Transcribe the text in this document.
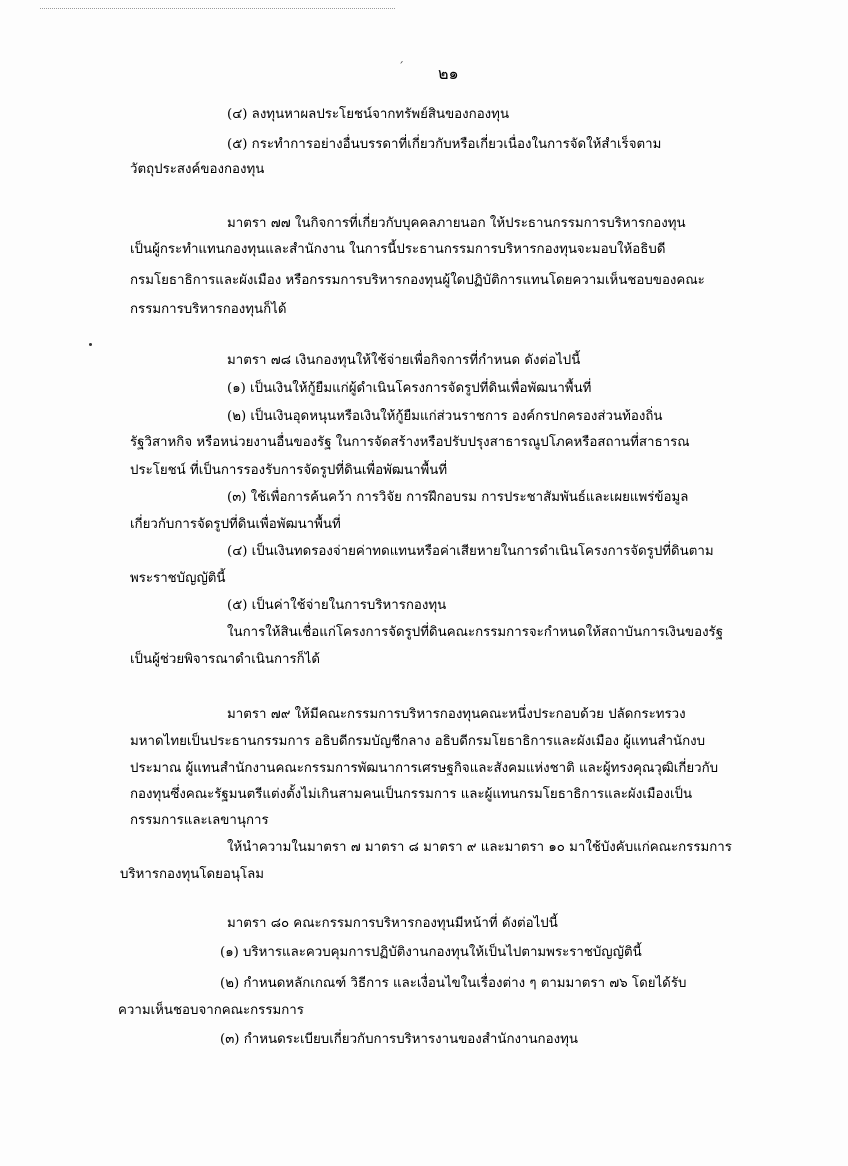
´ ๒๑
(๔) ลงทุนหาผลประโยชน์จากทรัพย์สินของกองทุน
(๕) กระทำการอย่างอื่นบรรดาที่เกี่ยวกับหรือเกี่ยวเนื่องในการจัดให้สำเร็จตาม
วัตถุประสงค์ของกองทุน
มาตรา ๗๗ ในกิจการที่เกี่ยวกับบุคคลภายนอก ให้ประธานกรรมการบริหารกองทุน
เป็นผู้กระทำแทนกองทุนและสำนักงาน ในการนี้ประธานกรรมการบริหารกองทุนจะมอบให้อธิบดี
กรมโยธาธิการและผังเมือง หรือกรรมการบริหารกองทุนผู้ใดปฏิบัติการแทนโดยความเห็นชอบของคณะ
กรรมการบริหารกองทุนก็ได้
มาตรา ๗๘ เงินกองทุนให้ใช้จ่ายเพื่อกิจการที่กำหนด ดังต่อไปนี้
(๑) เป็นเงินให้กู้ยืมแก่ผู้ดำเนินโครงการจัดรูปที่ดินเพื่อพัฒนาพื้นที่
(๒) เป็นเงินอุดหนุนหรือเงินให้กู้ยืมแก่ส่วนราชการ องค์กรปกครองส่วนท้องถิ่น
รัฐวิสาหกิจ หรือหน่วยงานอื่นของรัฐ ในการจัดสร้างหรือปรับปรุงสาธารณูปโภคหรือสถานที่สาธารณ
ประโยชน์ ที่เป็นการรองรับการจัดรูปที่ดินเพื่อพัฒนาพื้นที่
(๓) ใช้เพื่อการค้นคว้า การวิจัย การฝึกอบรม การประชาสัมพันธ์และเผยแพร่ข้อมูล
เกี่ยวกับการจัดรูปที่ดินเพื่อพัฒนาพื้นที่
(๔) เป็นเงินทดรองจ่ายค่าทดแทนหรือค่าเสียหายในการดำเนินโครงการจัดรูปที่ดินตาม
พระราชบัญญัตินี้
(๕) เป็นค่าใช้จ่ายในการบริหารกองทุน
ในการให้สินเชื่อแก่โครงการจัดรูปที่ดินคณะกรรมการจะกำหนดให้สถาบันการเงินของรัฐ
เป็นผู้ช่วยพิจารณาดำเนินการก็ได้
มาตรา ๗๙ ให้มีคณะกรรมการบริหารกองทุนคณะหนึ่งประกอบด้วย ปลัดกระทรวง
มหาดไทยเป็นประธานกรรมการ อธิบดีกรมบัญชีกลาง อธิบดีกรมโยธาธิการและผังเมือง ผู้แทนสำนักงบ
ประมาณ ผู้แทนสำนักงานคณะกรรมการพัฒนาการเศรษฐกิจและสังคมแห่งชาติ และผู้ทรงคุณวุฒิเกี่ยวกับ
กองทุนซึ่งคณะรัฐมนตรีแต่งตั้งไม่เกินสามคนเป็นกรรมการ และผู้แทนกรมโยธาธิการและผังเมืองเป็น
กรรมการและเลขานุการ
ให้นำความในมาตรา ๗ มาตรา ๘ มาตรา ๙ และมาตรา ๑๐ มาใช้บังคับแก่คณะกรรมการ
บริหารกองทุนโดยอนุโลม
มาตรา ๘๐ คณะกรรมการบริหารกองทุนมีหน้าที่ ดังต่อไปนี้
(๑) บริหารและควบคุมการปฏิบัติงานกองทุนให้เป็นไปตามพระราชบัญญัตินี้
(๒) กำหนดหลักเกณฑ์ วิธีการ และเงื่อนไขในเรื่องต่าง ๆ ตามมาตรา ๗๖ โดยได้รับ
ความเห็นชอบจากคณะกรรมการ
(๓) กำหนดระเบียบเกี่ยวกับการบริหารงานของสำนักงานกองทุน
